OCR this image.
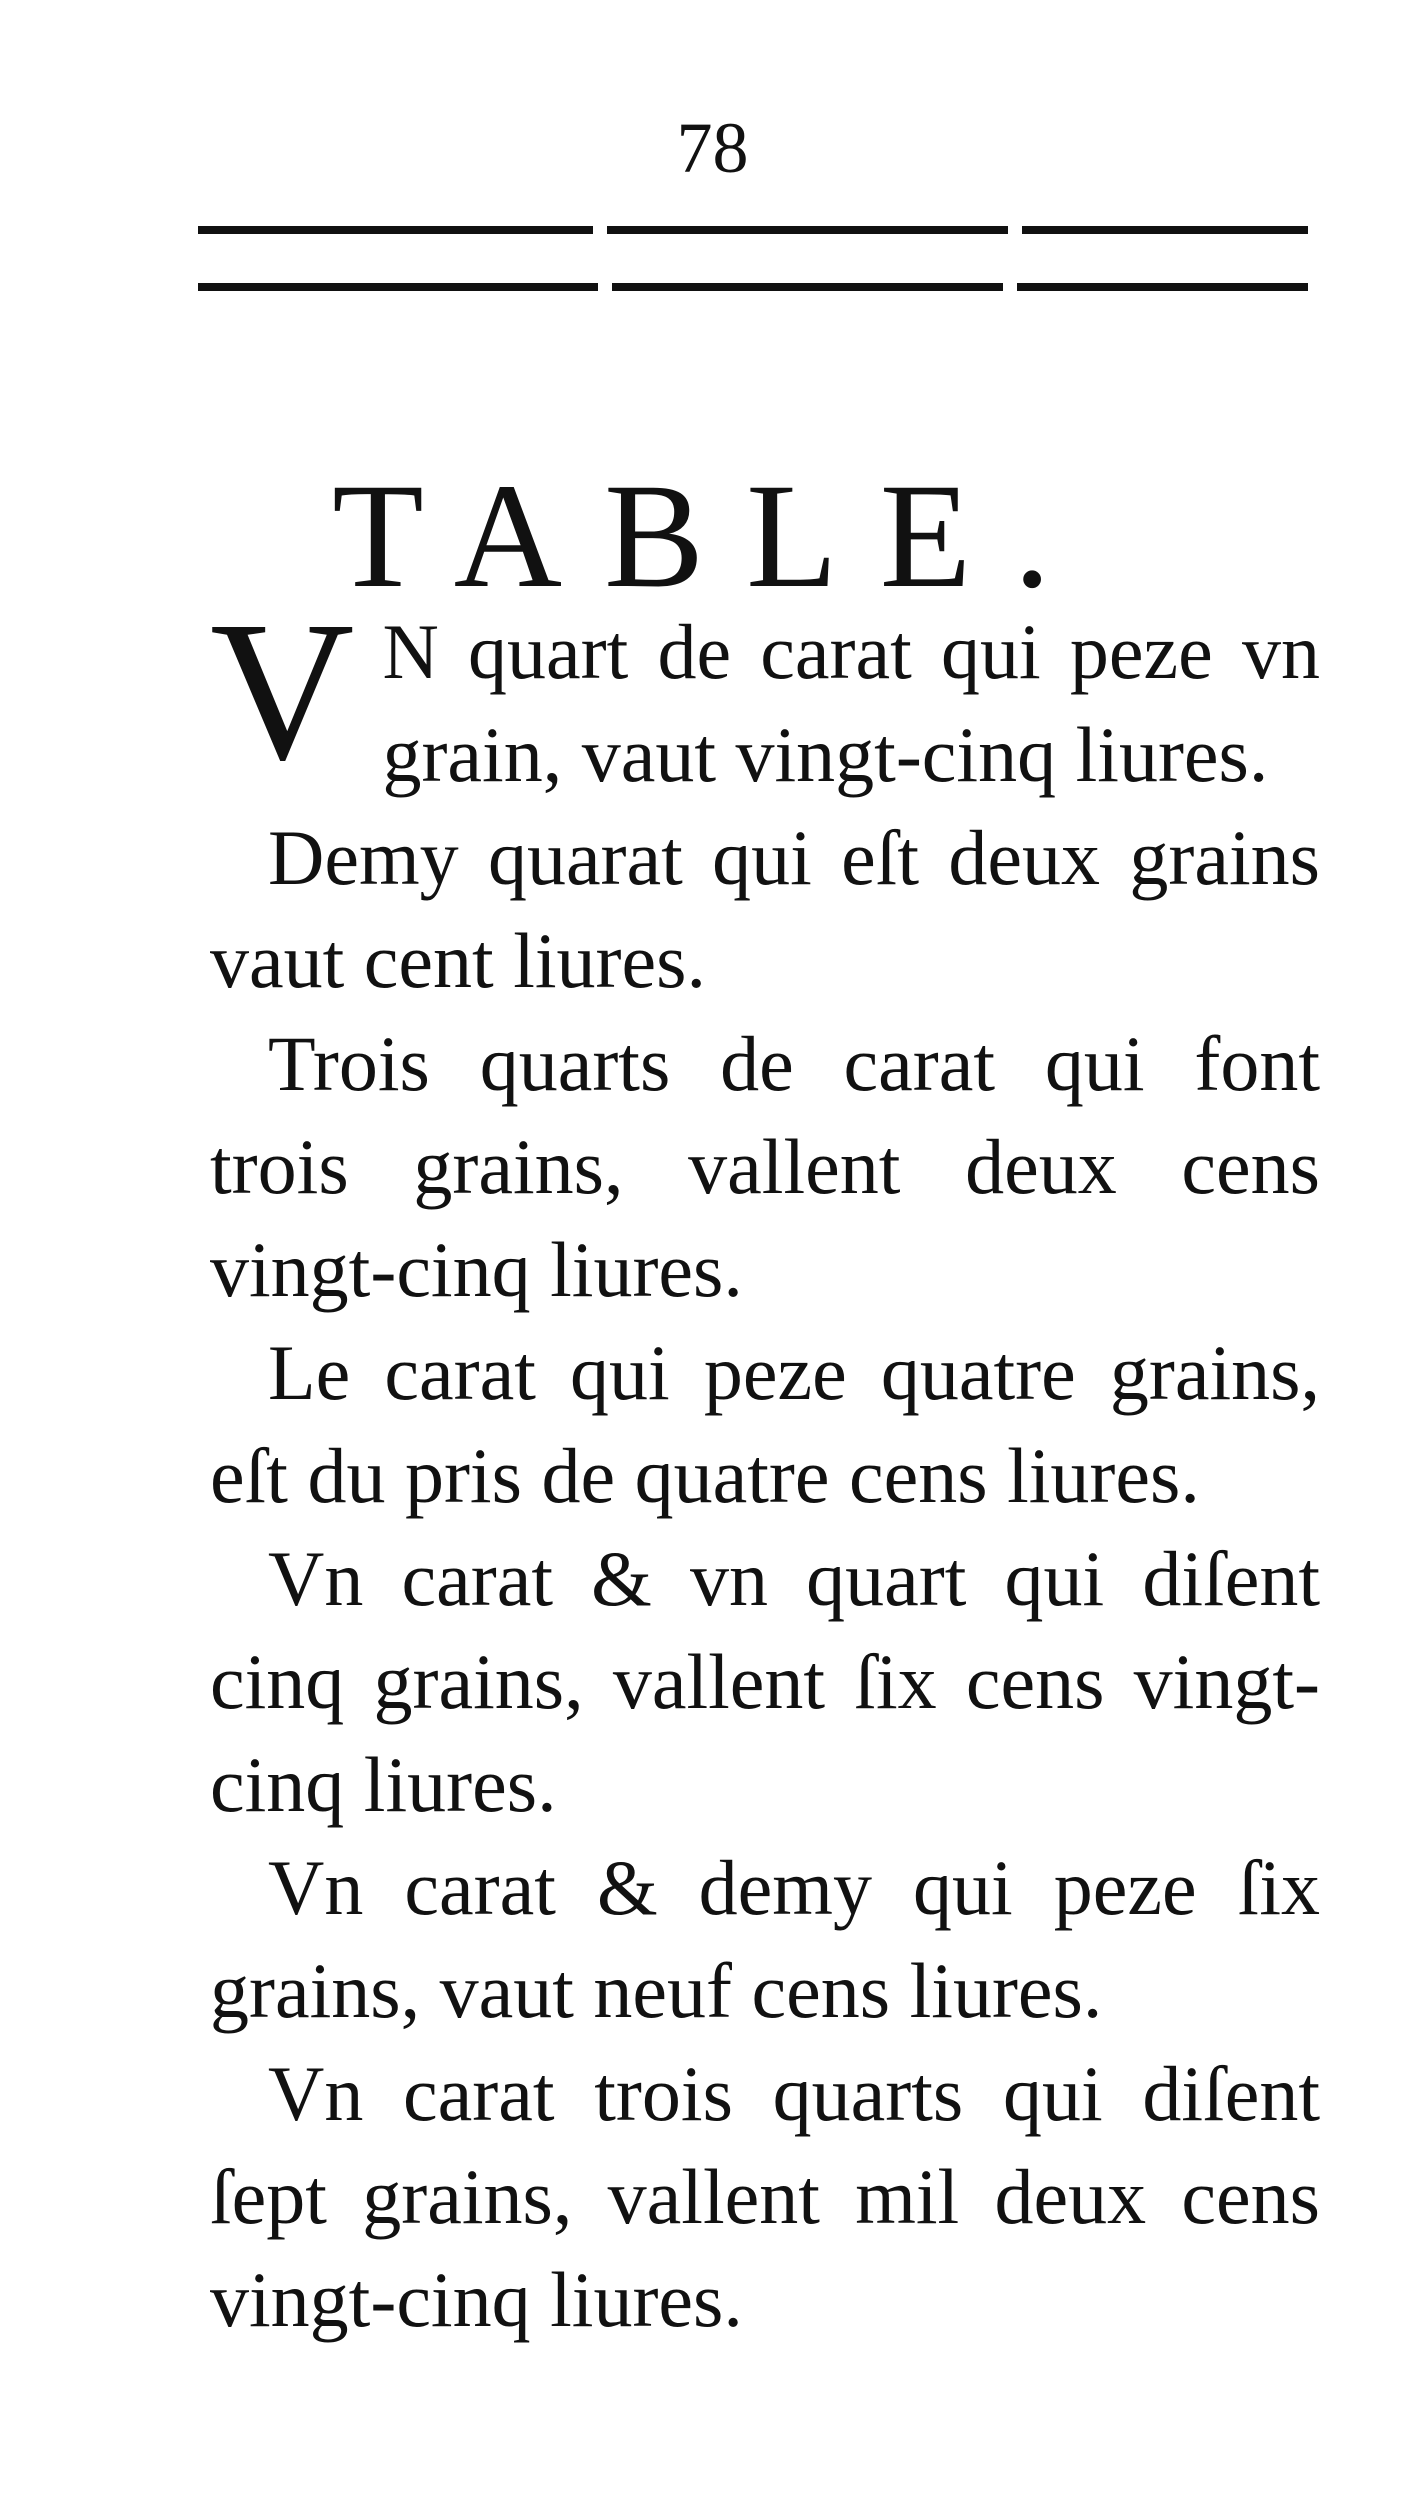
78
TABLE.

V N quart de carat qui peze vn grain, vaut vingt-cinq liures.

Demy quarat qui eſt deux grains vaut cent liures.

Trois quarts de carat qui font trois grains, vallent deux cens vingt-cinq liures.

Le carat qui peze quatre grains, eſt du pris de quatre cens liures.

Vn carat & vn quart qui diſent cinq grains, vallent ſix cens vingt-cinq liures.

Vn carat & demy qui peze ſix grains, vaut neuf cens liures.

Vn carat trois quarts qui diſent ſept grains, vallent mil deux cens vingt-cinq liures.
